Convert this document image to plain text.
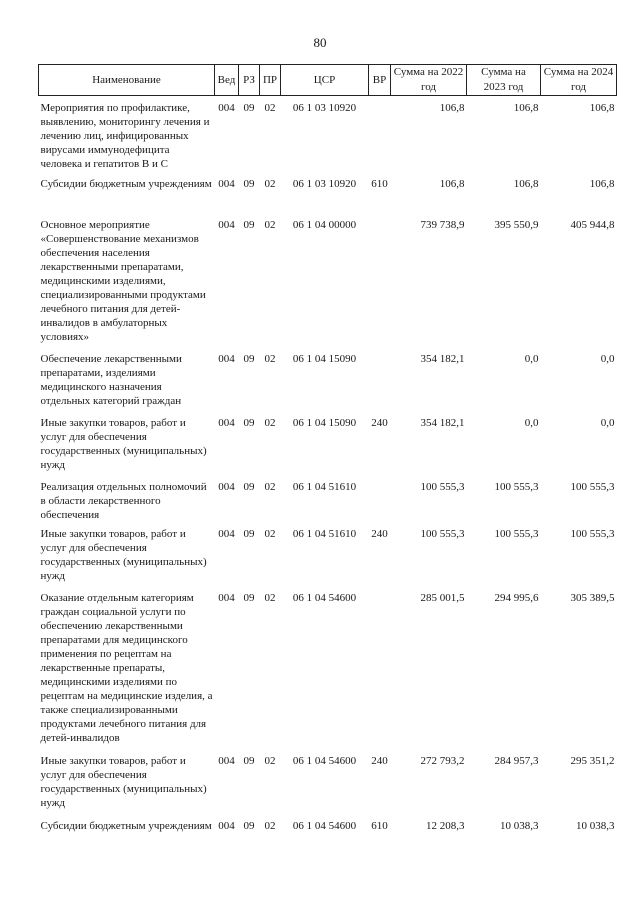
80
Наименование	Вед	РЗ	ПР	ЦСР	ВР	Сумма на 2022 год	Сумма на 2023 год	Сумма на 2024 год
Мероприятия по профилактике, выявлению, мониторингу лечения и лечению лиц, инфицированных вирусами иммунодефицита человека и гепатитов В и С	004	09	02	06 1 03 10920		106,8	106,8	106,8
Субсидии бюджетным учреждениям	004	09	02	06 1 03 10920	610	106,8	106,8	106,8
Основное мероприятие «Совершенствование механизмов обеспечения населения лекарственными препаратами, медицинскими изделиями, специализированными продуктами лечебного питания для детей-инвалидов в амбулаторных условиях»	004	09	02	06 1 04 00000		739 738,9	395 550,9	405 944,8
Обеспечение лекарственными препаратами, изделиями медицинского назначения отдельных категорий граждан	004	09	02	06 1 04 15090		354 182,1	0,0	0,0
Иные закупки товаров, работ и услуг для обеспечения государственных (муниципальных) нужд	004	09	02	06 1 04 15090	240	354 182,1	0,0	0,0
Реализация отдельных полномочий в области лекарственного обеспечения	004	09	02	06 1 04 51610		100 555,3	100 555,3	100 555,3
Иные закупки товаров, работ и услуг для обеспечения государственных (муниципальных) нужд	004	09	02	06 1 04 51610	240	100 555,3	100 555,3	100 555,3
Оказание отдельным категориям граждан социальной услуги по обеспечению лекарственными препаратами для медицинского применения по рецептам на лекарственные препараты, медицинскими изделиями по рецептам на медицинские изделия, а также специализированными продуктами лечебного питания для детей-инвалидов	004	09	02	06 1 04 54600		285 001,5	294 995,6	305 389,5
Иные закупки товаров, работ и услуг для обеспечения государственных (муниципальных) нужд	004	09	02	06 1 04 54600	240	272 793,2	284 957,3	295 351,2
Субсидии бюджетным учреждениям	004	09	02	06 1 04 54600	610	12 208,3	10 038,3	10 038,3
